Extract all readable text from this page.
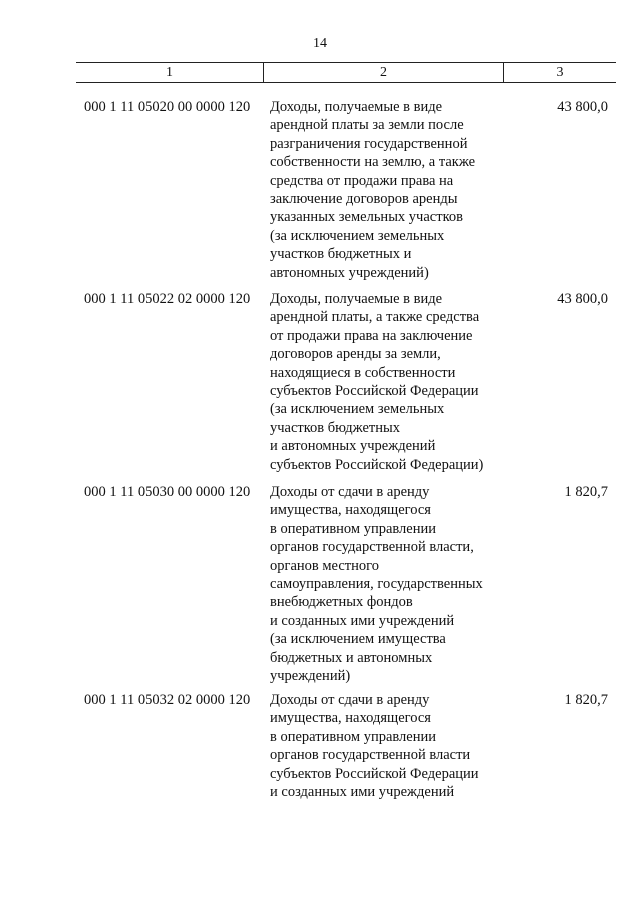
14
1	2	3
000 1 11 05020 00 0000 120 Доходы, получаемые в виде
арендной платы за земли после
разграничения государственной
собственности на землю, а также
средства от продажи права на
заключение договоров аренды
указанных земельных участков
(за исключением земельных
участков бюджетных и
автономных учреждений)
43 800,0
000 1 11 05022 02 0000 120 Доходы, получаемые в виде
арендной платы, а также средства
от продажи права на заключение
договоров аренды за земли,
находящиеся в собственности
субъектов Российской Федерации
(за исключением земельных
участков бюджетных
и автономных учреждений
субъектов Российской Федерации)
43 800,0
000 1 11 05030 00 0000 120 Доходы от сдачи в аренду
имущества, находящегося
в оперативном управлении
органов государственной власти,
органов местного
самоуправления, государственных
внебюджетных фондов
и созданных ими учреждений
(за исключением имущества
бюджетных и автономных
учреждений)
1 820,7
000 1 11 05032 02 0000 120 Доходы от сдачи в аренду
имущества, находящегося
в оперативном управлении
органов государственной власти
субъектов Российской Федерации
и созданных ими учреждений
1 820,7
